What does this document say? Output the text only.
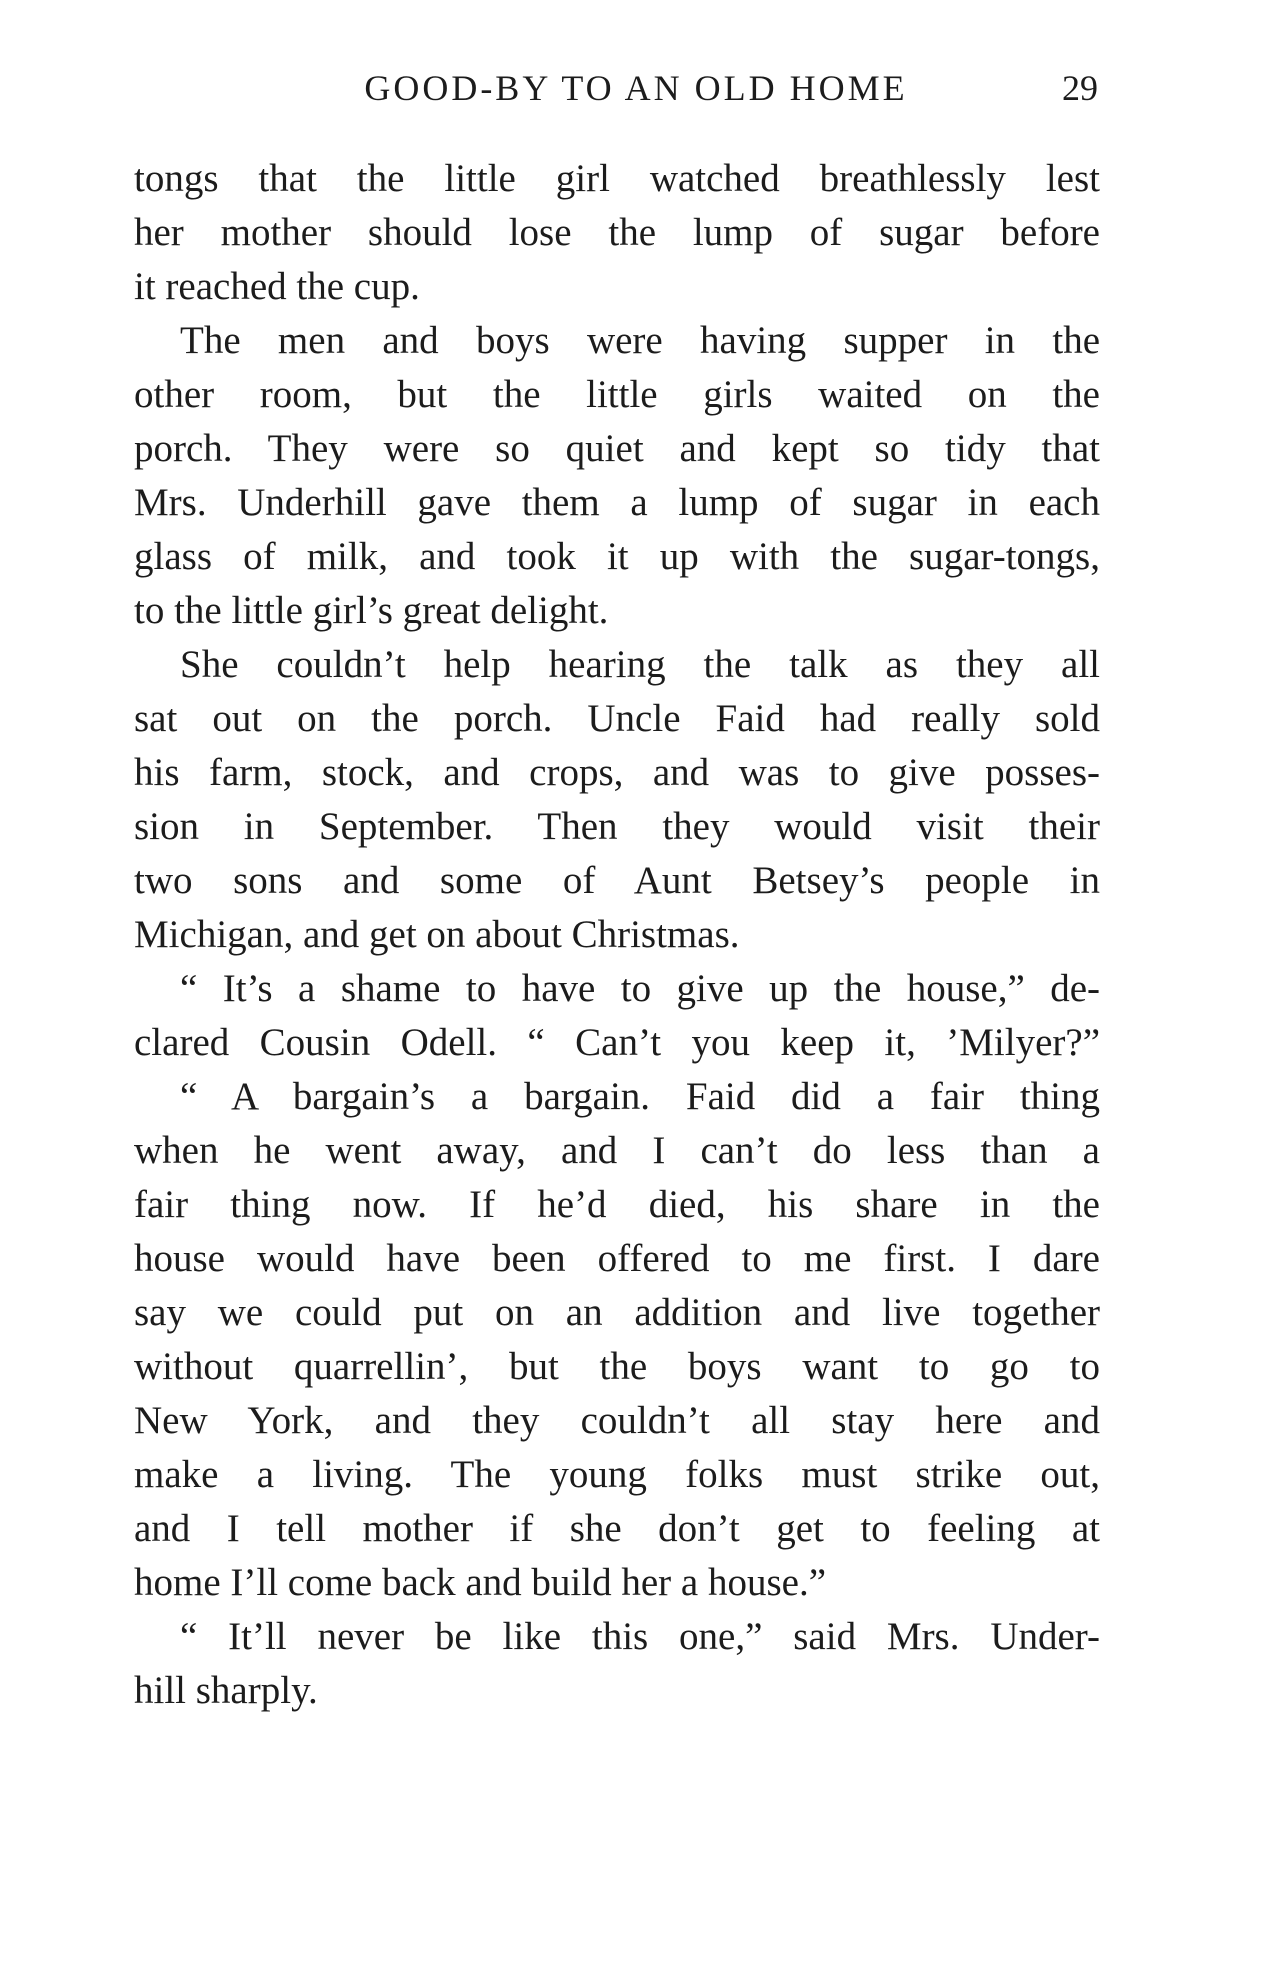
GOOD-BY TO AN OLD HOME	29
tongs that the little girl watched breathlessly lest
her mother should lose the lump of sugar before
it reached the cup.
The men and boys were having supper in the
other room, but the little girls waited on the
porch. They were so quiet and kept so tidy that
Mrs. Underhill gave them a lump of sugar in each
glass of milk, and took it up with the sugar-tongs,
to the little girl’s great delight.
She couldn’t help hearing the talk as they all
sat out on the porch. Uncle Faid had really sold
his farm, stock, and crops, and was to give posses-
sion in September. Then they would visit their
two sons and some of Aunt Betsey’s people in
Michigan, and get on about Christmas.
“ It’s a shame to have to give up the house,” de-
clared Cousin Odell. “ Can’t you keep it, ’Milyer?”
“ A bargain’s a bargain. Faid did a fair thing
when he went away, and I can’t do less than a
fair thing now. If he’d died, his share in the
house would have been offered to me first. I dare
say we could put on an addition and live together
without quarrellin’, but the boys want to go to
New York, and they couldn’t all stay here and
make a living. The young folks must strike out,
and I tell mother if she don’t get to feeling at
home I’ll come back and build her a house.”
“ It’ll never be like this one,” said Mrs. Under-
hill sharply.
